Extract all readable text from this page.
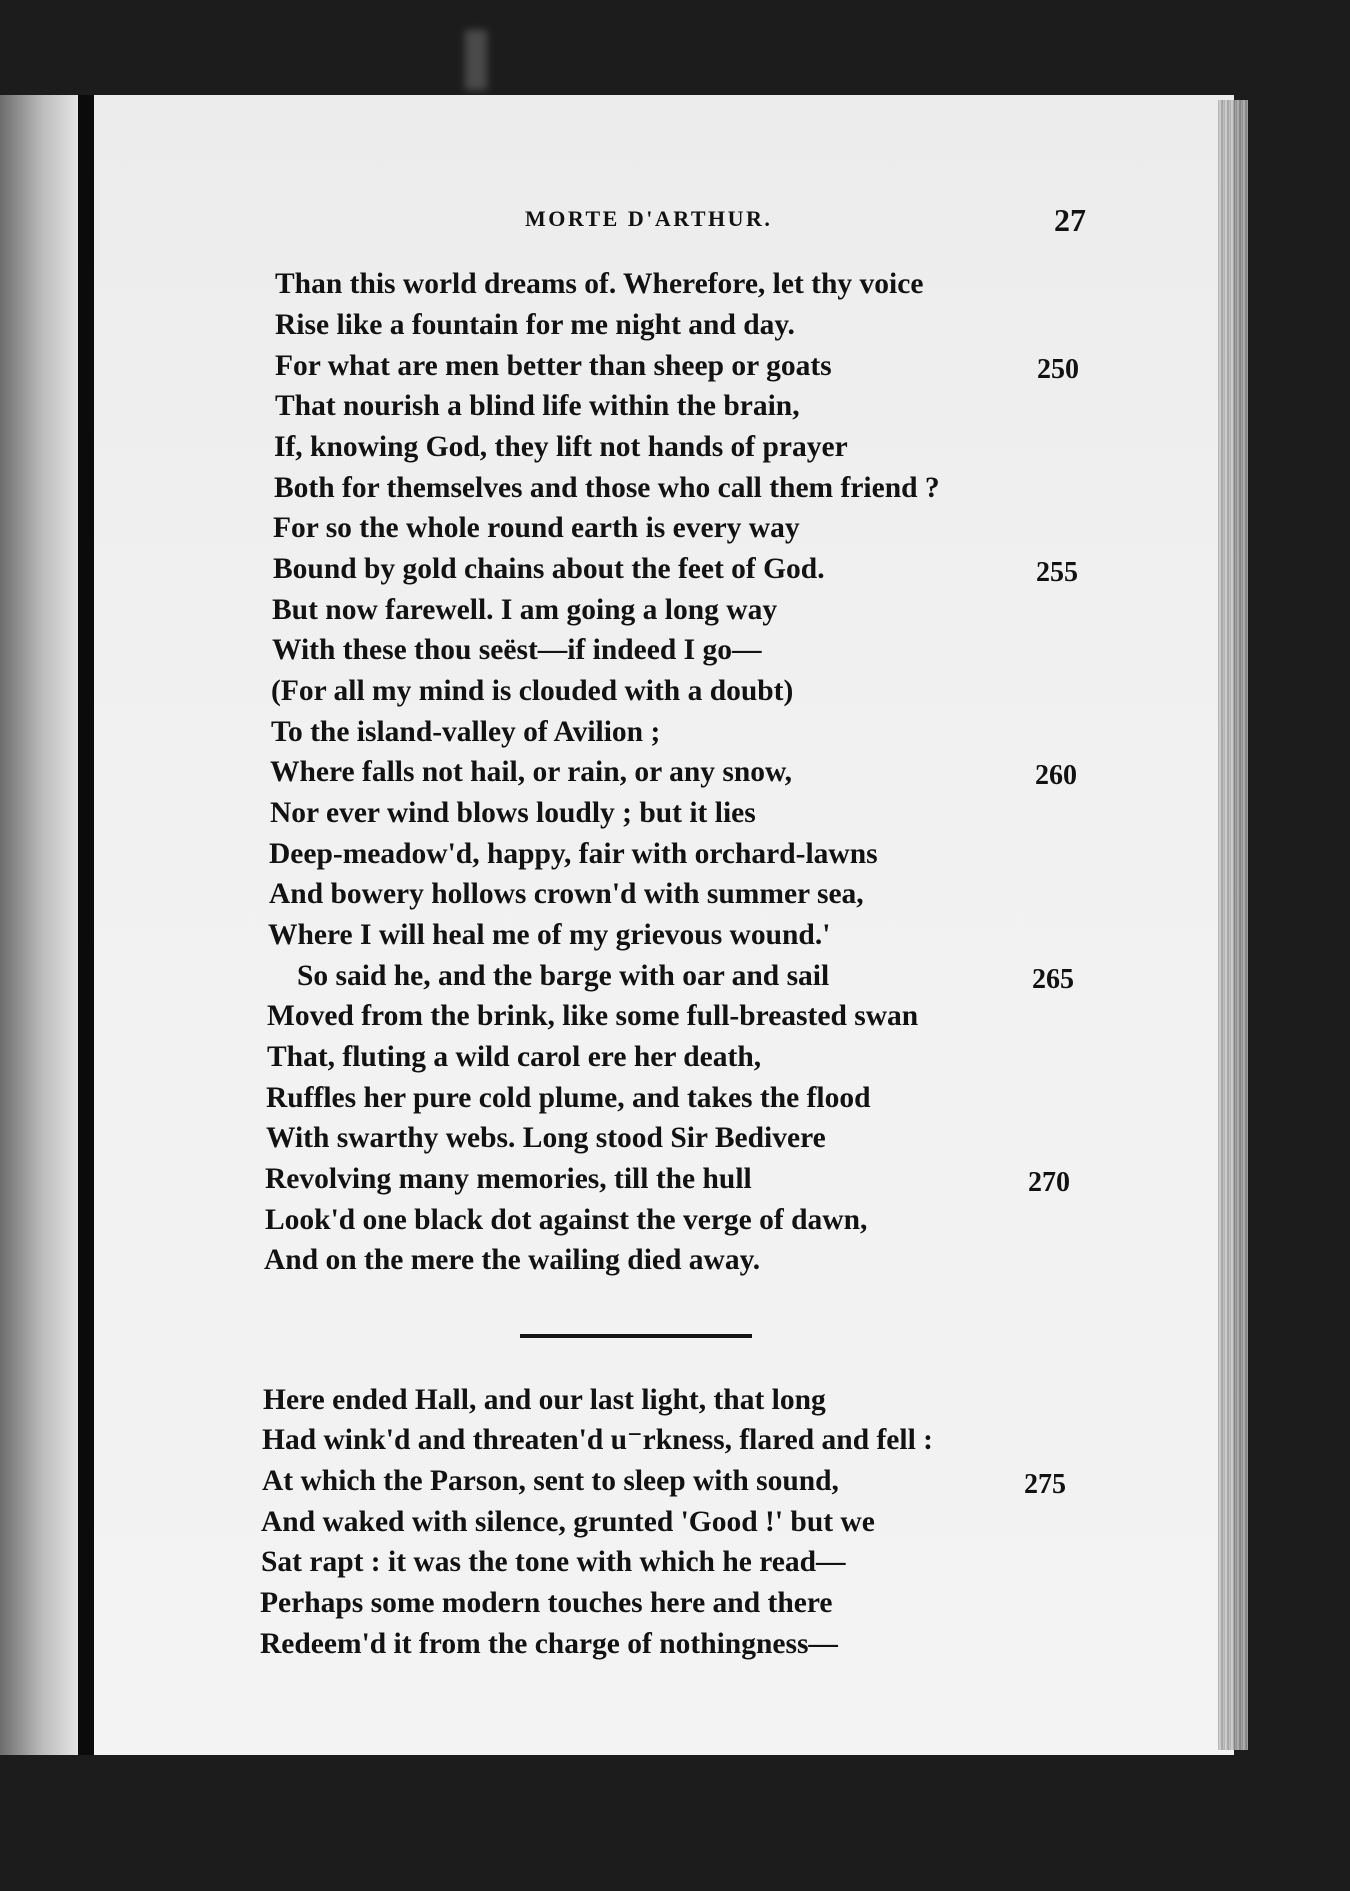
MORTE D'ARTHUR.	27
Than this world dreams of. Wherefore, let thy voice
Rise like a fountain for me night and day.
For what are men better than sheep or goats
That nourish a blind life within the brain,
If, knowing God, they lift not hands of prayer
Both for themselves and those who call them friend ?
For so the whole round earth is every way
Bound by gold chains about the feet of God.
But now farewell. I am going a long way
With these thou seëst—if indeed I go—
(For all my mind is clouded with a doubt)
To the island-valley of Avilion ;
Where falls not hail, or rain, or any snow,
Nor ever wind blows loudly ; but it lies
Deep-meadow'd, happy, fair with orchard-lawns
And bowery hollows crown'd with summer sea,
Where I will heal me of my grievous wound.'
So said he, and the barge with oar and sail
Moved from the brink, like some full-breasted swan
That, fluting a wild carol ere her death,
Ruffles her pure cold plume, and takes the flood
With swarthy webs. Long stood Sir Bedivere
Revolving many memories, till the hull
Look'd one black dot against the verge of dawn,
And on the mere the wailing died away.
250
255
260
265
270
Here ended Hall, and our last light, that long
Had wink'd and threaten'd u⁻rkness, flared and fell :
At which the Parson, sent to sleep with sound,
And waked with silence, grunted 'Good !' but we
Sat rapt : it was the tone with which he read—
Perhaps some modern touches here and there
Redeem'd it from the charge of nothingness—
275
